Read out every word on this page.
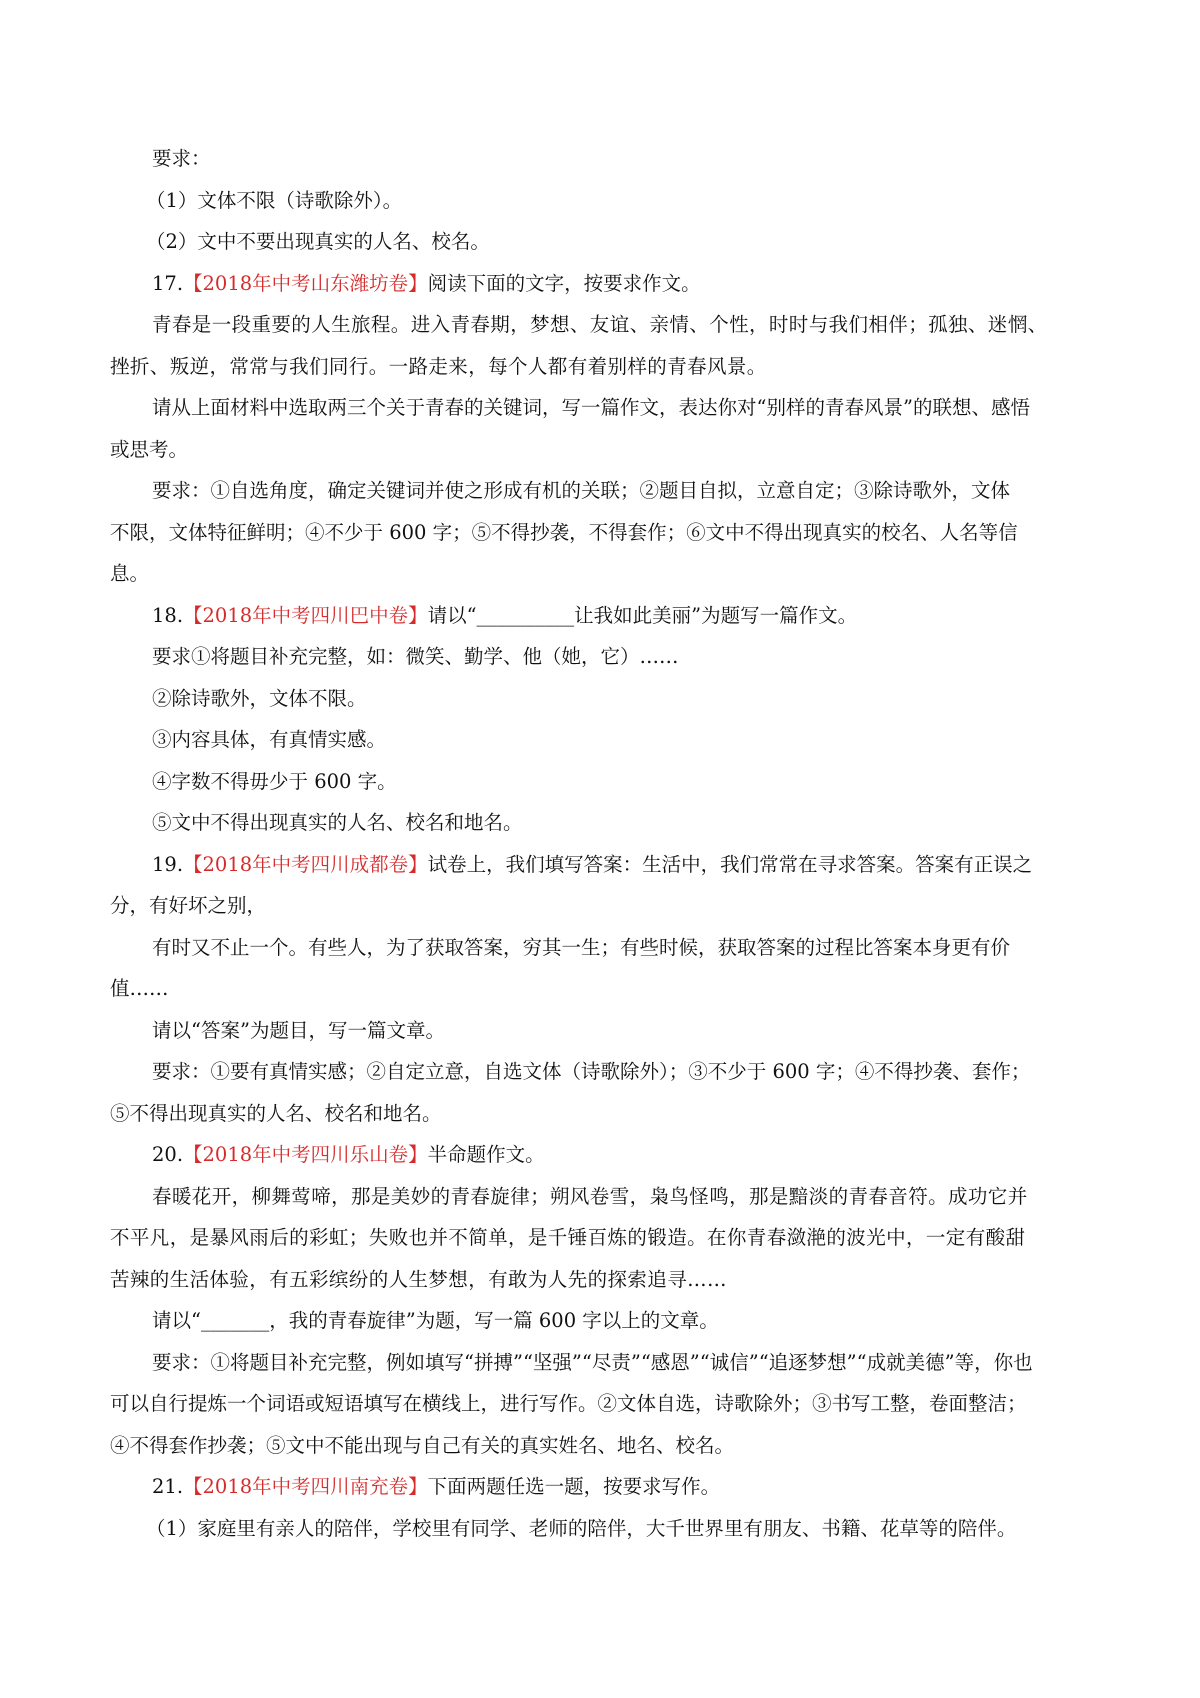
要求：

（1）文体不限（诗歌除外）。

（2）文中不要出现真实的人名、校名。

17.【2018年中考山东潍坊卷】阅读下面的文字，按要求作文。

青春是一段重要的人生旅程。进入青春期，梦想、友谊、亲情、个性，时时与我们相伴；孤独、迷惘、

挫折、叛逆，常常与我们同行。一路走来，每个人都有着别样的青春风景。

请从上面材料中选取两三个关于青春的关键词，写一篇作文，表达你对“别样的青春风景”的联想、感悟

或思考。

要求：①自选角度，确定关键词并使之形成有机的关联；②题目自拟，立意自定；③除诗歌外，文体

不限，文体特征鲜明；④不少于 600 字；⑤不得抄袭，不得套作；⑥文中不得出现真实的校名、人名等信

息。

18.【2018年中考四川巴中卷】请以“__________让我如此美丽”为题写一篇作文。

要求①将题目补充完整，如：微笑、勤学、他（她，它）……

②除诗歌外，文体不限。

③内容具体，有真情实感。

④字数不得毋少于 600 字。

⑤文中不得出现真实的人名、校名和地名。

19.【2018年中考四川成都卷】试卷上，我们填写答案：生活中，我们常常在寻求答案。答案有正误之

分，有好坏之别，

有时又不止一个。有些人，为了获取答案，穷其一生；有些时候，获取答案的过程比答案本身更有价

值……

请以“答案”为题目，写一篇文章。

要求：①要有真情实感；②自定立意，自选文体（诗歌除外）；③不少于 600 字；④不得抄袭、套作；

⑤不得出现真实的人名、校名和地名。

20.【2018年中考四川乐山卷】半命题作文。

春暖花开，柳舞莺啼，那是美妙的青春旋律；朔风卷雪，枭鸟怪鸣，那是黯淡的青春音符。成功它并

不平凡，是暴风雨后的彩虹；失败也并不简单，是千锤百炼的锻造。在你青春潋滟的波光中，一定有酸甜

苦辣的生活体验，有五彩缤纷的人生梦想，有敢为人先的探索追寻……

请以“_______，我的青春旋律”为题，写一篇 600 字以上的文章。

要求：①将题目补充完整，例如填写“拼搏”“坚强”“尽责”“感恩”“诚信”“追逐梦想”“成就美德”等，你也

可以自行提炼一个词语或短语填写在横线上，进行写作。②文体自选，诗歌除外；③书写工整，卷面整洁；

④不得套作抄袭；⑤文中不能出现与自己有关的真实姓名、地名、校名。

21.【2018年中考四川南充卷】下面两题任选一题，按要求写作。

（1）家庭里有亲人的陪伴，学校里有同学、老师的陪伴，大千世界里有朋友、书籍、花草等的陪伴。
